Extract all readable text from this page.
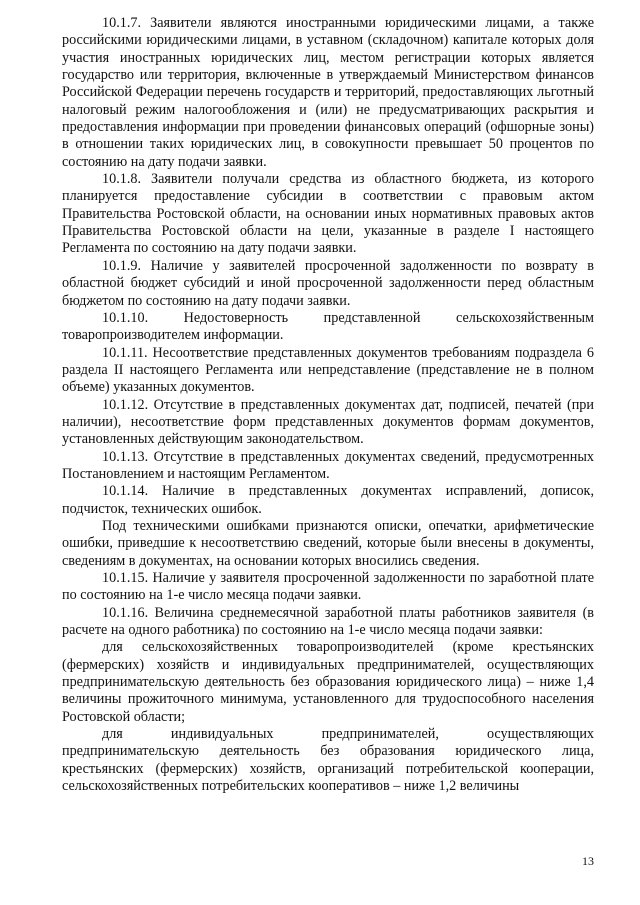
10.1.7. Заявители являются иностранными юридическими лицами, а также российскими юридическими лицами, в уставном (складочном) капитале которых доля участия иностранных юридических лиц, местом регистрации которых является государство или территория, включенные в утверждаемый Министерством финансов Российской Федерации перечень государств и территорий, предоставляющих льготный налоговый режим налогообложения и (или) не предусматривающих раскрытия и предоставления информации при проведении финансовых операций (офшорные зоны) в отношении таких юридических лиц, в совокупности превышает 50 процентов по состоянию на дату подачи заявки.

10.1.8. Заявители получали средства из областного бюджета, из которого планируется предоставление субсидии в соответствии с правовым актом Правительства Ростовской области, на основании иных нормативных правовых актов Правительства Ростовской области на цели, указанные в разделе I настоящего Регламента по состоянию на дату подачи заявки.

10.1.9. Наличие у заявителей просроченной задолженности по возврату в областной бюджет субсидий и иной просроченной задолженности перед областным бюджетом по состоянию на дату подачи заявки.

10.1.10. Недостоверность представленной сельскохозяйственным товаропроизводителем информации.

10.1.11. Несоответствие представленных документов требованиям подраздела 6 раздела II настоящего Регламента или непредставление (представление не в полном объеме) указанных документов.

10.1.12. Отсутствие в представленных документах дат, подписей, печатей (при наличии), несоответствие форм представленных документов формам документов, установленных действующим законодательством.

10.1.13. Отсутствие в представленных документах сведений, предусмотренных Постановлением и настоящим Регламентом.

10.1.14. Наличие в представленных документах исправлений, дописок, подчисток, технических ошибок.

Под техническими ошибками признаются описки, опечатки, арифметические ошибки, приведшие к несоответствию сведений, которые были внесены в документы, сведениям в документах, на основании которых вносились сведения.

10.1.15. Наличие у заявителя просроченной задолженности по заработной плате по состоянию на 1-е число месяца подачи заявки.

10.1.16. Величина среднемесячной заработной платы работников заявителя (в расчете на одного работника) по состоянию на 1-е число месяца подачи заявки:

для сельскохозяйственных товаропроизводителей (кроме крестьянских (фермерских) хозяйств и индивидуальных предпринимателей, осуществляющих предпринимательскую деятельность без образования юридического лица) – ниже 1,4 величины прожиточного минимума, установленного для трудоспособного населения Ростовской области;

для индивидуальных предпринимателей, осуществляющих предпринимательскую деятельность без образования юридического лица, крестьянских (фермерских) хозяйств, организаций потребительской кооперации, сельскохозяйственных потребительских кооперативов – ниже 1,2 величины

13
